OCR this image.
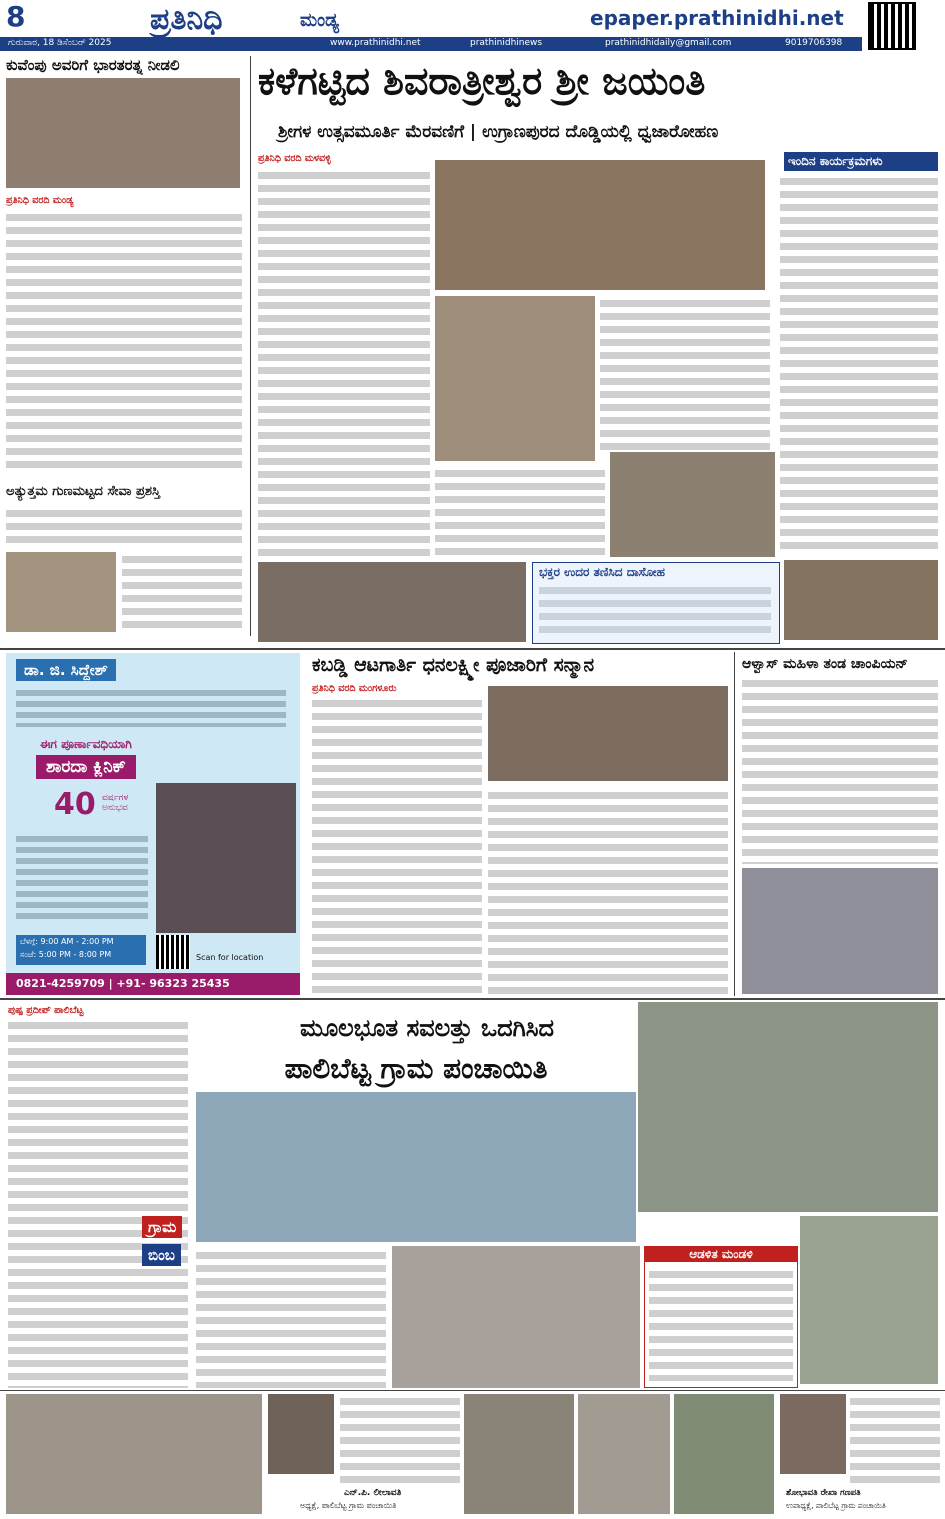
8	ಪ್ರತಿನಿಧಿ	ಮಂಡ್ಯ	epaper.prathinidhi.net
ಗುರುವಾರ, 18 ಡಿಸೆಂಬರ್ 2025	www.prathinidhi.net	prathinidhinews	prathinidhidaily@gmail.com	9019706398
ಕುವೆಂಪು ಅವರಿಗೆ ಭಾರತರತ್ನ ನೀಡಲಿ
ಪ್ರತಿನಿಧಿ ವರದಿ ಮಂಡ್ಯ
ಅತ್ಯುತ್ತಮ ಗುಣಮಟ್ಟದ ಸೇವಾ ಪ್ರಶಸ್ತಿ
ಕಳೆಗಟ್ಟಿದ ಶಿವರಾತ್ರೀಶ್ವರ ಶ್ರೀ ಜಯಂತಿ
ಶ್ರೀಗಳ ಉತ್ಸವಮೂರ್ತಿ ಮೆರವಣಿಗೆ | ಉಗ್ರಾಣಪುರದ ದೊಡ್ಡಿಯಲ್ಲಿ ಧ್ವಜಾರೋಹಣ
ಪ್ರತಿನಿಧಿ ವರದಿ ಮಳವಳ್ಳಿ	ಇಂದಿನ ಕಾರ್ಯಕ್ರಮಗಳು
ಭಕ್ತರ ಉದರ ತಣಿಸಿದ ದಾಸೋಹ
ಡಾ. ಜಿ. ಸಿದ್ದೇಶ್
ಈಗ ಪೂರ್ಣಾವಧಿಯಾಗಿ
ಶಾರದಾ ಕ್ಲಿನಿಕ್
40 ವರ್ಷಗಳ ಅನುಭವ
ಬೆಳಗ್ಗೆ: 9:00 AM - 2:00 PM
ಸಂಜೆ: 5:00 PM - 8:00 PM	Scan for location
0821-4259709 | +91- 96323 25435
ಕಬಡ್ಡಿ ಆಟಗಾರ್ತಿ ಧನಲಕ್ಷ್ಮೀ ಪೂಜಾರಿಗೆ ಸನ್ಮಾನ
ಪ್ರತಿನಿಧಿ ವರದಿ ಮಂಗಳೂರು
ಆಳ್ವಾಸ್ ಮಹಿಳಾ ತಂಡ ಚಾಂಪಿಯನ್
ಪುಷ್ಪ ಪ್ರದೀಪ್ ಪಾಲಿಬೆಟ್ಟ
ಮೂಲಭೂತ ಸವಲತ್ತು ಒದಗಿಸಿದ
ಪಾಲಿಬೆಟ್ಟ ಗ್ರಾಮ ಪಂಚಾಯಿತಿ
ಗ್ರಾಮ
ಬಿಂಬ	ಆಡಳಿತ ಮಂಡಳಿ
ಎನ್.ಪಿ. ಲೀಲಾವತಿ
ಅಧ್ಯಕ್ಷೆ, ಪಾಲಿಬೆಟ್ಟ ಗ್ರಾಮ ಪಂಚಾಯಿತಿ
ಶೋಭಾವತಿ ರೇಖಾ ಗಣಪತಿ
ಉಪಾಧ್ಯಕ್ಷೆ, ಪಾಲಿಬೆಟ್ಟ ಗ್ರಾಮ ಪಂಚಾಯಿತಿ
